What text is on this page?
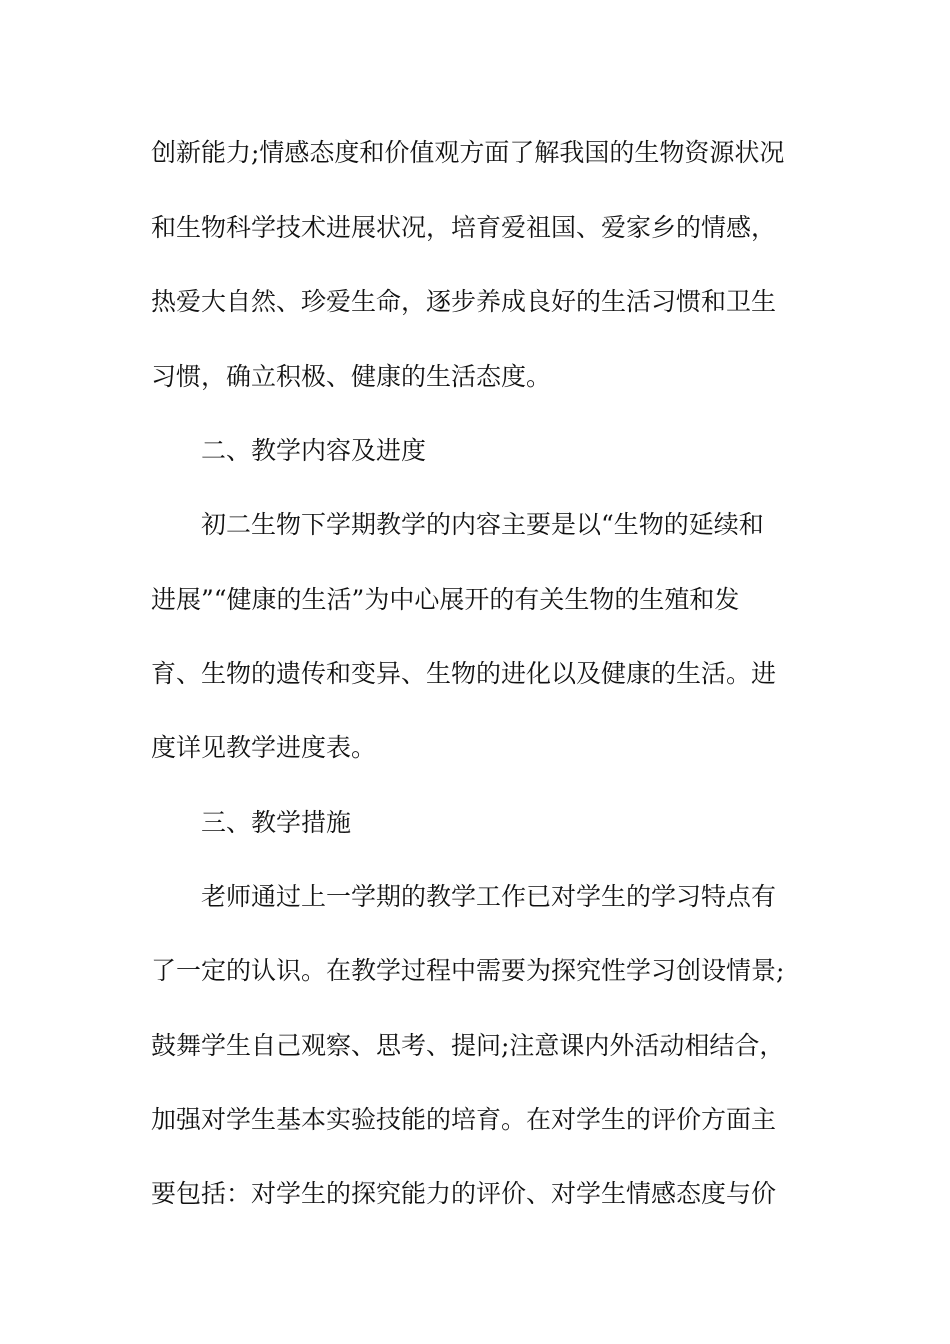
创新能力;情感态度和价值观方面了解我国的生物资源状况
和生物科学技术进展状况，培育爱祖国、爱家乡的情感，
热爱大自然、珍爱生命，逐步养成良好的生活习惯和卫生
习惯，确立积极、健康的生活态度。
二、教学内容及进度
初二生物下学期教学的内容主要是以“生物的延续和
进展”“健康的生活”为中心展开的有关生物的生殖和发
育、生物的遗传和变异、生物的进化以及健康的生活。进
度详见教学进度表。
三、教学措施
老师通过上一学期的教学工作已对学生的学习特点有
了一定的认识。在教学过程中需要为探究性学习创设情景;
鼓舞学生自己观察、思考、提问;注意课内外活动相结合，
加强对学生基本实验技能的培育。在对学生的评价方面主
要包括：对学生的探究能力的评价、对学生情感态度与价
